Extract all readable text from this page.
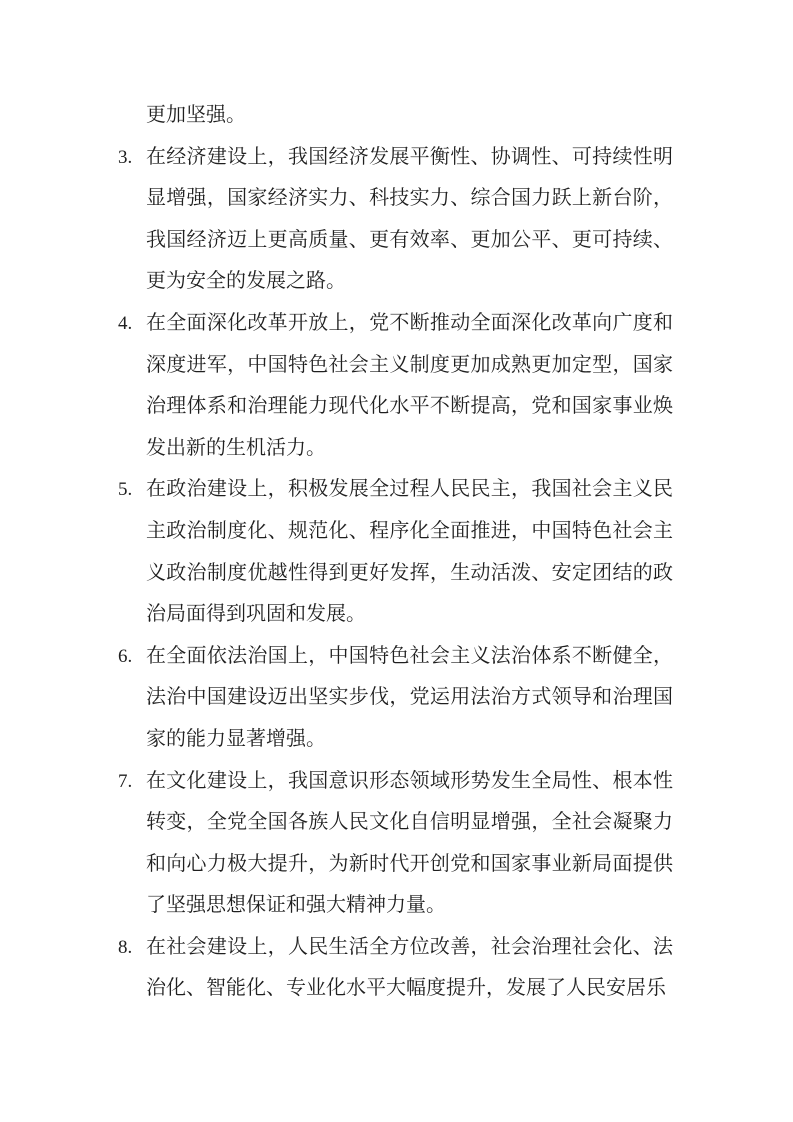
更加坚强。
3. 在经济建设上，我国经济发展平衡性、协调性、可持续性明显增强，国家经济实力、科技实力、综合国力跃上新台阶，我国经济迈上更高质量、更有效率、更加公平、更可持续、更为安全的发展之路。
4. 在全面深化改革开放上，党不断推动全面深化改革向广度和深度进军，中国特色社会主义制度更加成熟更加定型，国家治理体系和治理能力现代化水平不断提高，党和国家事业焕发出新的生机活力。
5. 在政治建设上，积极发展全过程人民民主，我国社会主义民主政治制度化、规范化、程序化全面推进，中国特色社会主义政治制度优越性得到更好发挥，生动活泼、安定团结的政治局面得到巩固和发展。
6. 在全面依法治国上，中国特色社会主义法治体系不断健全，法治中国建设迈出坚实步伐，党运用法治方式领导和治理国家的能力显著增强。
7. 在文化建设上，我国意识形态领域形势发生全局性、根本性转变，全党全国各族人民文化自信明显增强，全社会凝聚力和向心力极大提升，为新时代开创党和国家事业新局面提供了坚强思想保证和强大精神力量。
8. 在社会建设上，人民生活全方位改善，社会治理社会化、法治化、智能化、专业化水平大幅度提升，发展了人民安居乐
